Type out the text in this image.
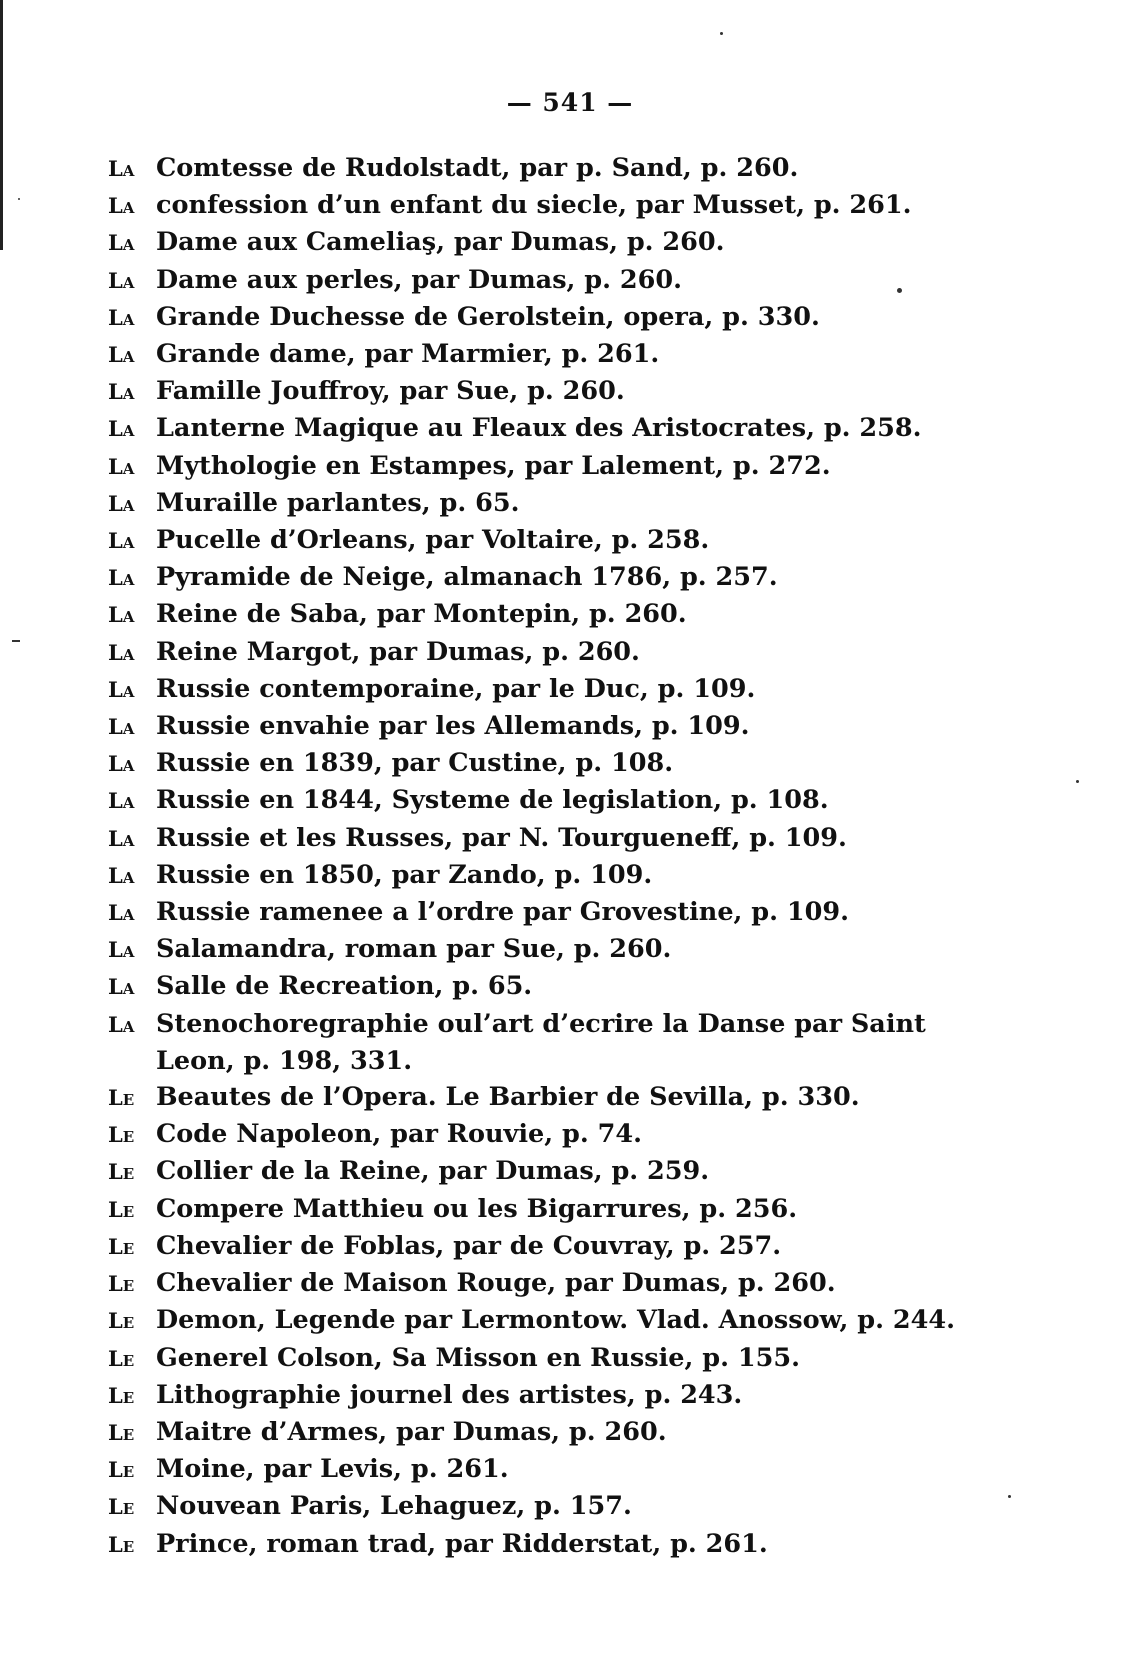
— 541 —
La Comtesse de Rudolstadt, par p. Sand, p. 260.
La confession d’un enfant du siecle, par Musset, p. 261.
La Dame aux Cameliaş, par Dumas, p. 260.
La Dame aux perles, par Dumas, p. 260.
La Grande Duchesse de Gerolstein, opera, p. 330.
La Grande dame, par Marmier, p. 261.
La Famille Jouffroy, par Sue, p. 260.
La Lanterne Magique au Fleaux des Aristocrates, p. 258.
La Mythologie en Estampes, par Lalement, p. 272.
La Muraille parlantes, p. 65.
La Pucelle d’Orleans, par Voltaire, p. 258.
La Pyramide de Neige, almanach 1786, p. 257.
La Reine de Saba, par Montepin, p. 260.
La Reine Margot, par Dumas, p. 260.
La Russie contemporaine, par le Duc, p. 109.
La Russie envahie par les Allemands, p. 109.
La Russie en 1839, par Custine, p. 108.
La Russie en 1844, Systeme de legislation, p. 108.
La Russie et les Russes, par N. Tourgueneff, p. 109.
La Russie en 1850, par Zando, p. 109.
La Russie ramenee a l’ordre par Grovestine, p. 109.
La Salamandra, roman par Sue, p. 260.
La Salle de Recreation, p. 65.
La Stenochoregraphie oul’art d’ecrire la Danse par Saint Leon, p. 198, 331.
Le Beautes de l’Opera. Le Barbier de Sevilla, p. 330.
Le Code Napoleon, par Rouvie, p. 74.
Le Collier de la Reine, par Dumas, p. 259.
Le Compere Matthieu ou les Bigarrures, p. 256.
Le Chevalier de Foblas, par de Couvray, p. 257.
Le Chevalier de Maison Rouge, par Dumas, p. 260.
Le Demon, Legende par Lermontow. Vlad. Anossow, p. 244.
Le Generel Colson, Sa Misson en Russie, p. 155.
Le Lithographie journel des artistes, p. 243.
Le Maitre d’Armes, par Dumas, p. 260.
Le Moine, par Levis, p. 261.
Le Nouvean Paris, Lehaguez, p. 157.
Le Prince, roman trad, par Ridderstat, p. 261.
